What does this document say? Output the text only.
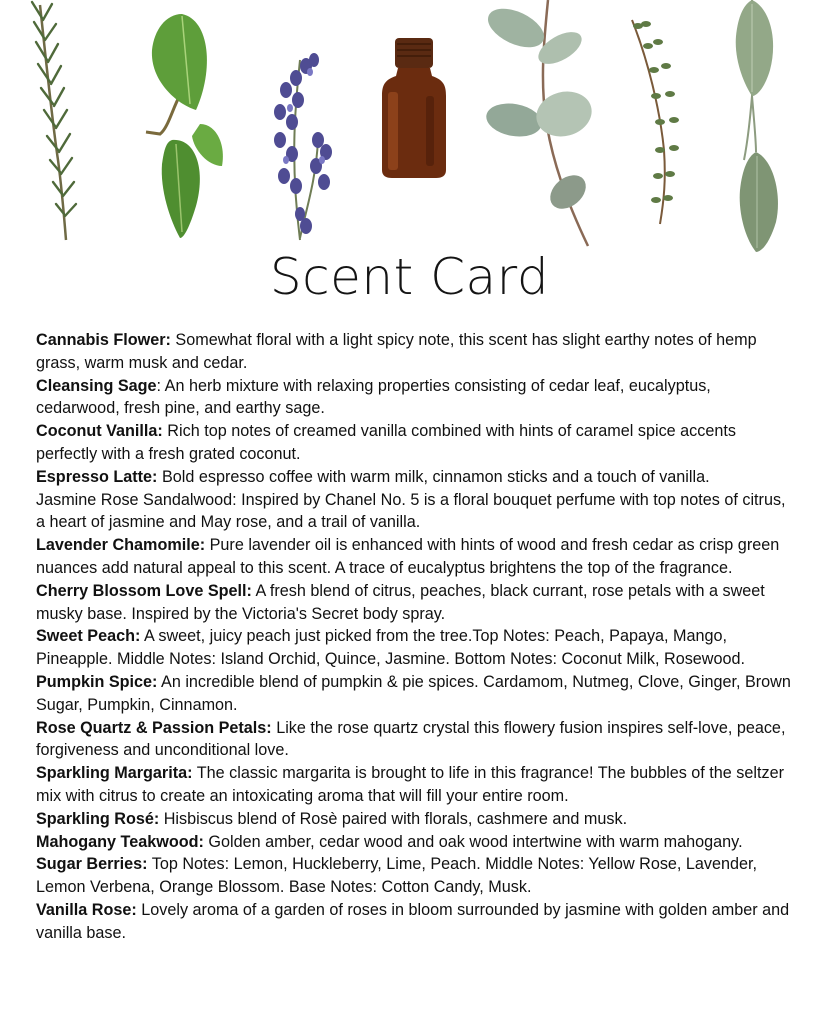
Scent Card
Cannabis Flower: Somewhat floral with a light spicy note, this scent has slight earthy notes of hemp grass, warm musk and cedar.
Cleansing Sage: An herb mixture with relaxing properties consisting of cedar leaf, eucalyptus, cedarwood, fresh pine, and earthy sage.
Coconut Vanilla: Rich top notes of creamed vanilla combined with hints of caramel spice accents perfectly with a fresh grated coconut.
Espresso Latte: Bold espresso coffee with warm milk, cinnamon sticks and a touch of vanilla.
Jasmine Rose Sandalwood: Inspired by Chanel No. 5 is a floral bouquet perfume with top notes of citrus, a heart of jasmine and May rose, and a trail of vanilla.
Lavender Chamomile: Pure lavender oil is enhanced with hints of wood and fresh cedar as crisp green nuances add natural appeal to this scent. A trace of eucalyptus brightens the top of the fragrance.
Cherry Blossom Love Spell: A fresh blend of citrus, peaches, black currant, rose petals with a sweet musky base. Inspired by the Victoria's Secret body spray.
Sweet Peach: A sweet, juicy peach just picked from the tree.Top Notes: Peach, Papaya, Mango, Pineapple. Middle Notes: Island Orchid, Quince, Jasmine. Bottom Notes: Coconut Milk, Rosewood.
Pumpkin Spice: An incredible blend of pumpkin & pie spices. Cardamom, Nutmeg, Clove, Ginger, Brown Sugar, Pumpkin, Cinnamon.
Rose Quartz & Passion Petals: Like the rose quartz crystal this flowery fusion inspires self-love, peace, forgiveness and unconditional love.
Sparkling Margarita: The classic margarita is brought to life in this fragrance! The bubbles of the seltzer mix with citrus to create an intoxicating aroma that will fill your entire room.
Sparkling Rosé: Hisbiscus blend of Rosè paired with florals, cashmere and musk.
Mahogany Teakwood: Golden amber, cedar wood and oak wood intertwine with warm mahogany.
Sugar Berries: Top Notes: Lemon, Huckleberry, Lime, Peach. Middle Notes: Yellow Rose, Lavender, Lemon Verbena, Orange Blossom. Base Notes: Cotton Candy, Musk.
Vanilla Rose: Lovely aroma of a garden of roses in bloom surrounded by jasmine with golden amber and vanilla base.
